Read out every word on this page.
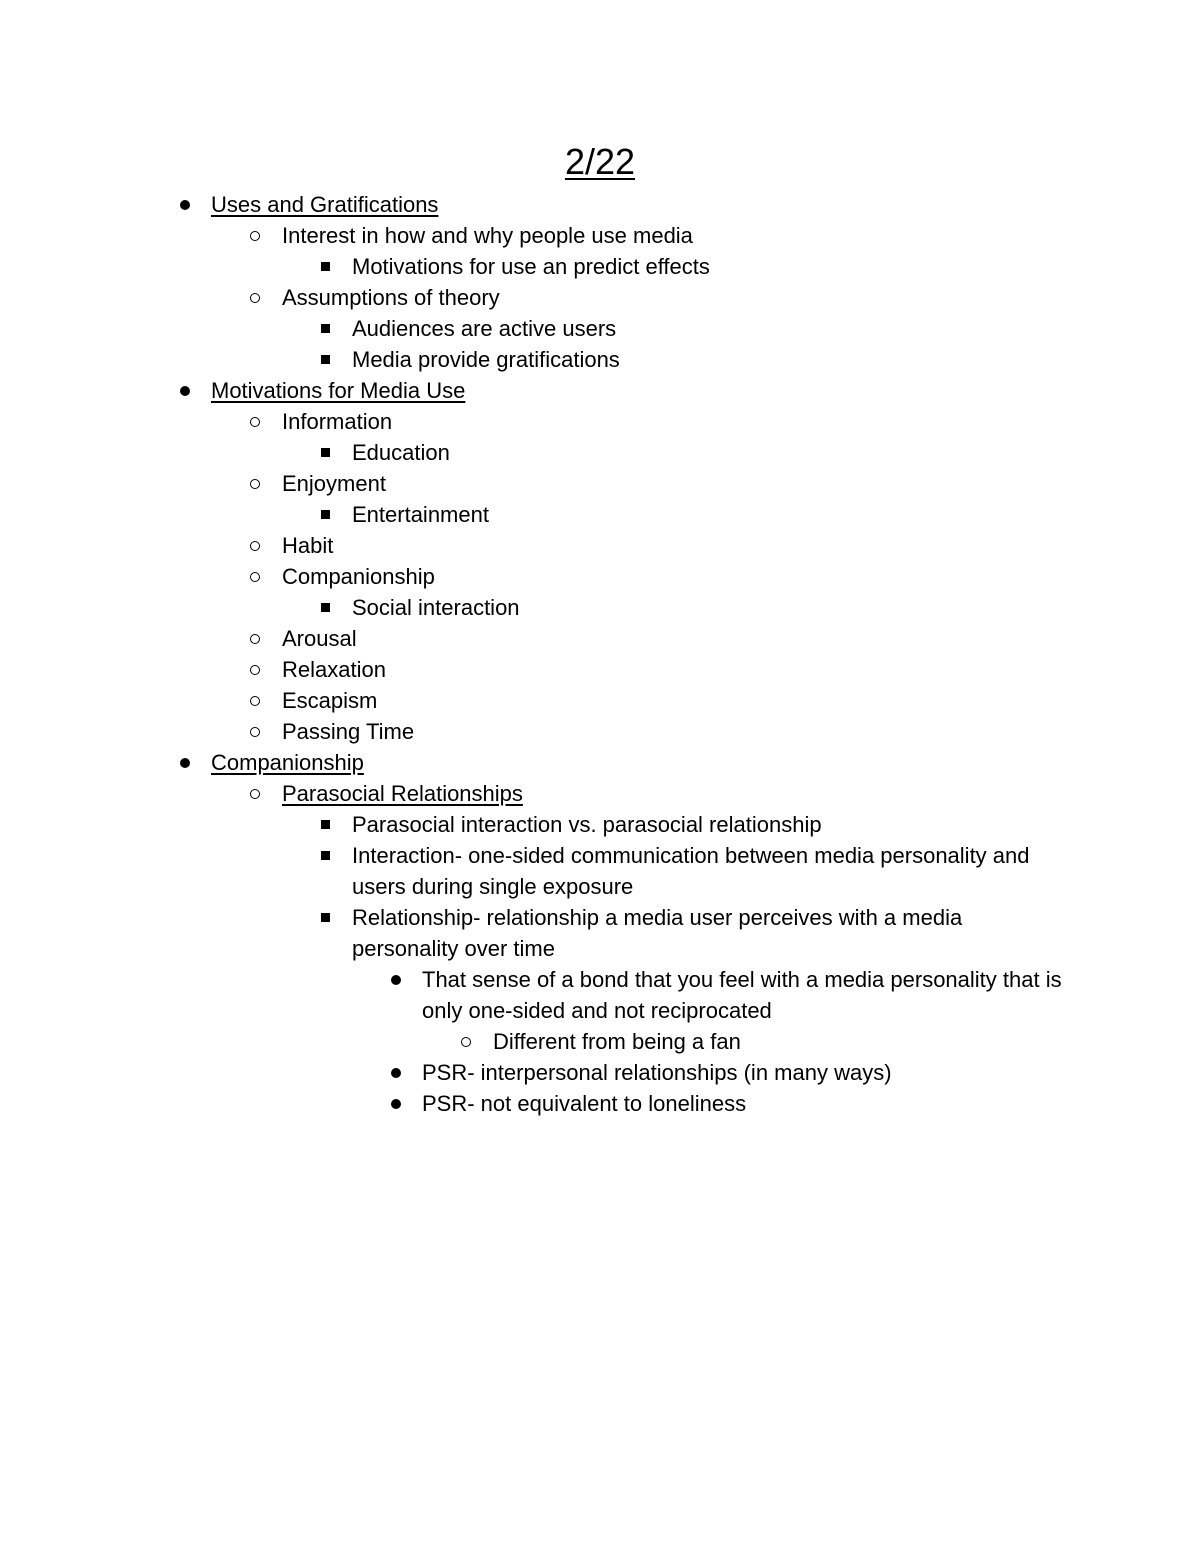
2/22
Uses and Gratifications
Interest in how and why people use media
Motivations for use an predict effects
Assumptions of theory
Audiences are active users
Media provide gratifications
Motivations for Media Use
Information
Education
Enjoyment
Entertainment
Habit
Companionship
Social interaction
Arousal
Relaxation
Escapism
Passing Time
Companionship
Parasocial Relationships
Parasocial interaction vs. parasocial relationship
Interaction- one-sided communication between media personality and users during single exposure
Relationship- relationship a media user perceives with a media personality over time
That sense of a bond that you feel with a media personality that is only one-sided and not reciprocated
Different from being a fan
PSR- interpersonal relationships (in many ways)
PSR- not equivalent to loneliness
